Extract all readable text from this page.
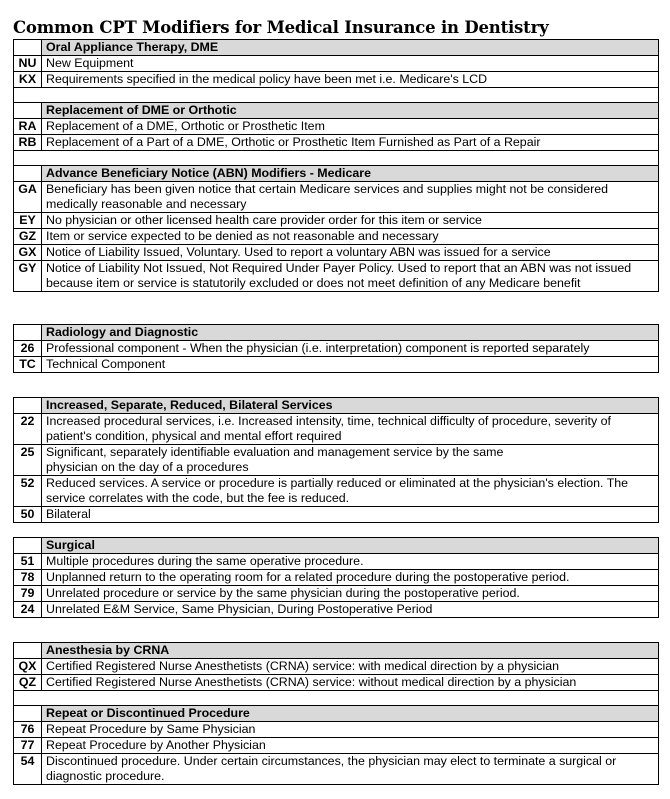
Common CPT Modifiers for Medical Insurance in Dentistry
	Oral Appliance Therapy, DME
NU	New Equipment
KX	Requirements specified in the medical policy have been met i.e. Medicare's LCD

	Replacement of DME or Orthotic
RA	Replacement of a DME, Orthotic or Prosthetic Item
RB	Replacement of a Part of a DME, Orthotic or Prosthetic Item Furnished as Part of a Repair

	Advance Beneficiary Notice (ABN) Modifiers - Medicare
GA	Beneficiary has been given notice that certain Medicare services and supplies might not be considered medically reasonable and necessary
EY	No physician or other licensed health care provider order for this item or service
GZ	Item or service expected to be denied as not reasonable and necessary
GX	Notice of Liability Issued, Voluntary. Used to report a voluntary ABN was issued for a service
GY	Notice of Liability Not Issued, Not Required Under Payer Policy. Used to report that an ABN was not issued because item or service is statutorily excluded or does not meet definition of any Medicare benefit
	Radiology and Diagnostic
26	Professional component - When the physician (i.e. interpretation) component is reported separately
TC	Technical Component
	Increased, Separate, Reduced, Bilateral Services
22	Increased procedural services, i.e. Increased intensity, time, technical difficulty of procedure, severity of patient's condition, physical and mental effort required
25	Significant, separately identifiable evaluation and management service by the same physician on the day of a procedures
52	Reduced services. A service or procedure is partially reduced or eliminated at the physician's election. The service correlates with the code, but the fee is reduced.
50	Bilateral
	Surgical
51	Multiple procedures during the same operative procedure.
78	Unplanned return to the operating room for a related procedure during the postoperative period.
79	Unrelated procedure or service by the same physician during the postoperative period.
24	Unrelated E&M Service, Same Physician, During Postoperative Period
	Anesthesia by CRNA
QX	Certified Registered Nurse Anesthetists (CRNA) service: with medical direction by a physician
QZ	Certified Registered Nurse Anesthetists (CRNA) service: without medical direction by a physician

	Repeat or Discontinued Procedure
76	Repeat Procedure by Same Physician
77	Repeat Procedure by Another Physician
54	Discontinued procedure. Under certain circumstances, the physician may elect to terminate a surgical or diagnostic procedure.
